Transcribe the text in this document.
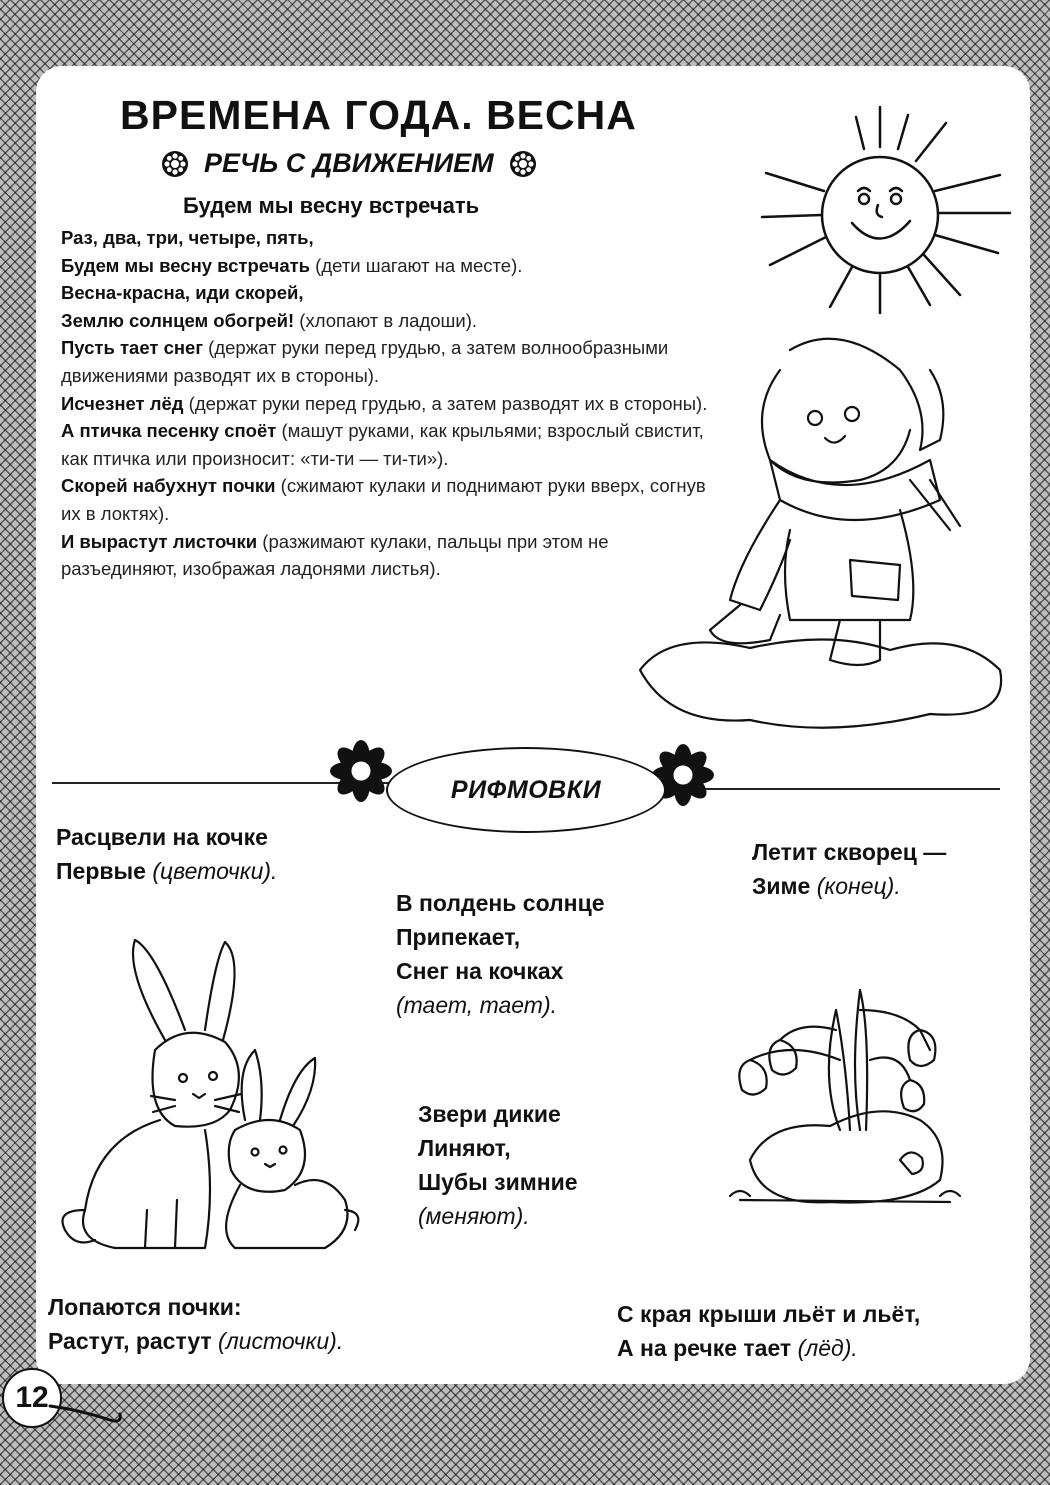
ВРЕМЕНА ГОДА. ВЕСНА
РЕЧЬ С ДВИЖЕНИЕМ
Будем мы весну встречать
Раз, два, три, четыре, пять,
Будем мы весну встречать (дети шагают на месте).
Весна-красна, иди скорей,
Землю солнцем обогрей! (хлопают в ладоши).
Пусть тает снег (держат руки перед грудью, а затем волнообразными движениями разводят их в стороны).
Исчезнет лёд (держат руки перед грудью, а затем разводят их в стороны).
А птичка песенку споёт (машут руками, как крыльями; взрослый свистит, как птичка или произносит: «ти-ти — ти-ти»).
Скорей набухнут почки (сжимают кулаки и поднимают руки вверх, согнув их в локтях).
И вырастут листочки (разжимают кулаки, пальцы при этом не разъединяют, изображая ладонями листья).
РИФМОВКИ
Расцвели на кочке
Первые (цветочки).
Летит скворец —
Зиме (конец).
В полдень солнце
Припекает,
Снег на кочках
(тает, тает).
Звери дикие
Линяют,
Шубы зимние
(меняют).
Лопаются почки:
Растут, растут (листочки).
С края крыши льёт и льёт,
А на речке тает (лёд).
12
